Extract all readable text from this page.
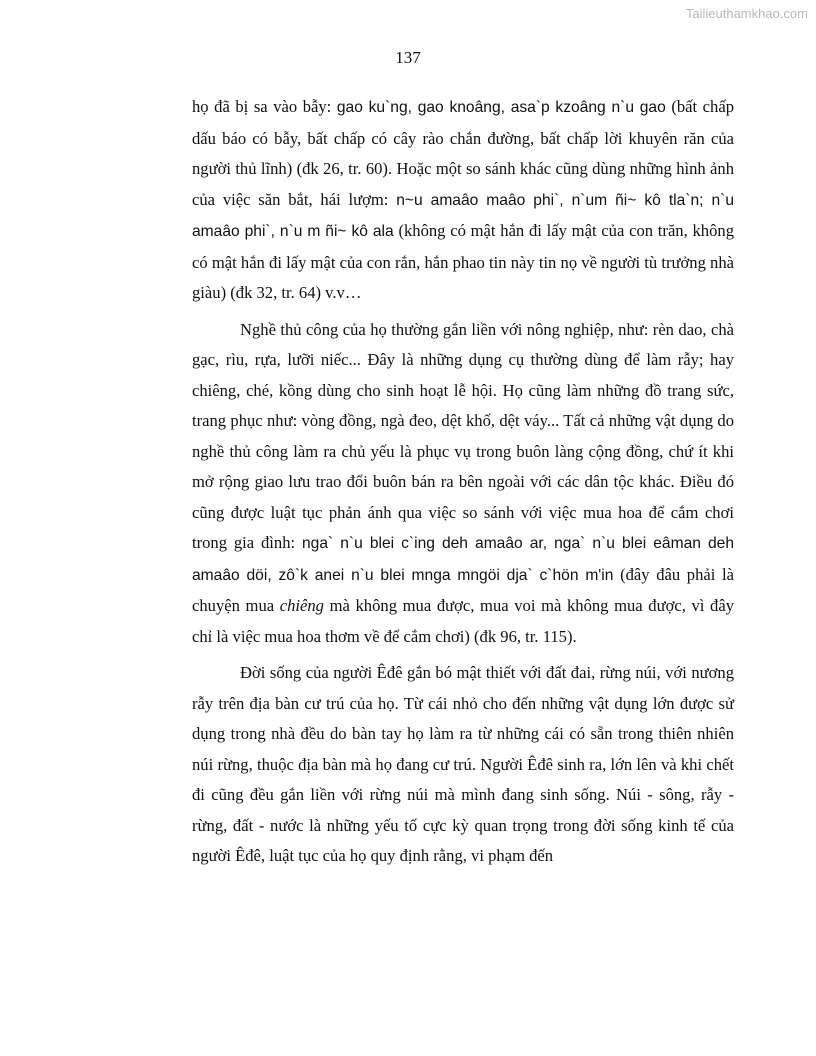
Tailieuthamkhao.com
137

họ đã bị sa vào bẫy: gao ku`ng, gao knoâng, asa`p kzoâng n`u gao (bất chấp dấu báo có bẫy, bất chấp có cây rào chắn đường, bất chấp lời khuyên răn của người thủ lĩnh) (đk 26, tr. 60). Hoặc một so sánh khác cũng dùng những hình ảnh của việc săn bắt, hái lượm: n~u amaâo maâo phi`, n`um ñi~ kô tla`n; n`u amaâo phi`, n`u m ñi~ kô ala (không có mật hắn đi lấy mật của con trăn, không có mật hắn đi lấy mật của con rắn, hắn phao tin này tin nọ về người tù trưởng nhà giàu) (đk 32, tr. 64) v.v…

Nghề thủ công của họ thường gắn liền với nông nghiệp, như: rèn dao, chà gạc, rìu, rựa, lưỡi niếc... Đây là những dụng cụ thường dùng để làm rẫy; hay chiêng, ché, kồng dùng cho sinh hoạt lễ hội. Họ cũng làm những đồ trang sức, trang phục như: vòng đồng, ngà đeo, dệt khố, dệt váy... Tất cả những vật dụng do nghề thủ công làm ra chủ yếu là phục vụ trong buôn làng cộng đồng, chứ ít khi mở rộng giao lưu trao đổi buôn bán ra bên ngoài với các dân tộc khác. Điều đó cũng được luật tục phản ánh qua việc so sánh với việc mua hoa để cắm chơi trong gia đình: nga` n`u blei c`ing deh amaâo ar, nga` n`u blei eâman deh amaâo döi, zô`k anei n`u blei mnga mngöi dja` c`hön m'in (đây đâu phải là chuyện mua chiêng mà không mua được, mua voi mà không mua được, vì đây chỉ là việc mua hoa thơm về để cắm chơi) (đk 96, tr. 115).

Đời sống của người Êđê gắn bó mật thiết với đất đai, rừng núi, với nương rẫy trên địa bàn cư trú của họ. Từ cái nhỏ cho đến những vật dụng lớn được sử dụng trong nhà đều do bàn tay họ làm ra từ những cái có sẵn trong thiên nhiên núi rừng, thuộc địa bàn mà họ đang cư trú. Người Êđê sinh ra, lớn lên và khi chết đi cũng đều gắn liền với rừng núi mà mình đang sinh sống. Núi - sông, rẫy - rừng, đất - nước là những yếu tố cực kỳ quan trọng trong đời sống kinh tế của người Êđê, luật tục của họ quy định rằng, vi phạm đến
